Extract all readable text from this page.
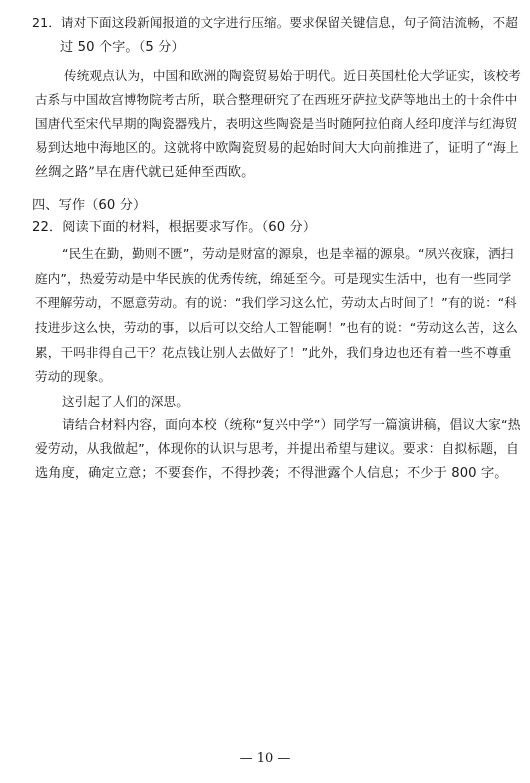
21．请对下面这段新闻报道的文字进行压缩。要求保留关键信息，句子简洁流畅，不超
过 50 个字。（5 分）
传统观点认为，中国和欧洲的陶瓷贸易始于明代。近日英国杜伦大学证实，该校考
古系与中国故宫博物院考古所，联合整理研究了在西班牙萨拉戈萨等地出土的十余件中
国唐代至宋代早期的陶瓷器残片，表明这些陶瓷是当时随阿拉伯商人经印度洋与红海贸
易到达地中海地区的。这就将中欧陶瓷贸易的起始时间大大向前推进了，证明了“海上
丝绸之路”早在唐代就已延伸至西欧。
四、写作（60 分）
22．阅读下面的材料，根据要求写作。（60 分）
“民生在勤，勤则不匮”，劳动是财富的源泉，也是幸福的源泉。“夙兴夜寐，洒扫
庭内”，热爱劳动是中华民族的优秀传统，绵延至今。可是现实生活中，也有一些同学
不理解劳动，不愿意劳动。有的说：“我们学习这么忙，劳动太占时间了！”有的说：“科
技进步这么快，劳动的事，以后可以交给人工智能啊！”也有的说：“劳动这么苦，这么
累，干吗非得自己干？花点钱让别人去做好了！”此外，我们身边也还有着一些不尊重
劳动的现象。
这引起了人们的深思。
请结合材料内容，面向本校（统称“复兴中学”）同学写一篇演讲稿，倡议大家“热
爱劳动，从我做起”，体现你的认识与思考，并提出希望与建议。要求：自拟标题，自
选角度，确定立意；不要套作，不得抄袭；不得泄露个人信息；不少于 800 字。
— 10 —
